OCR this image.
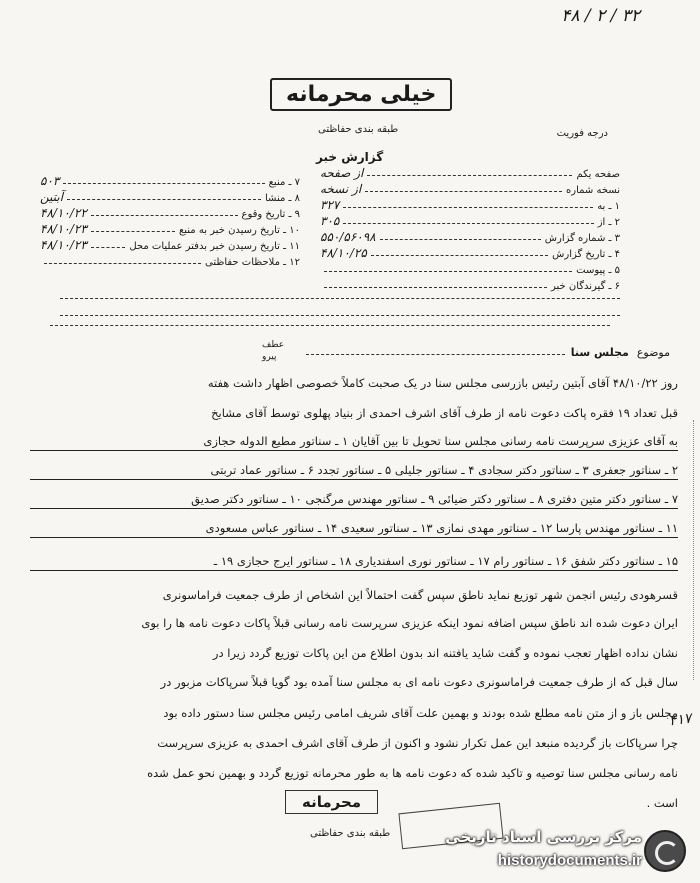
۴۸ / ۲ / ۳۲
خیلی محرمانه
طبقه بندی حفاظتی
گزارش خبر
درجه فوریت
صفحه یکم
از صفحه
نسخه شماره
از نسخه
۱ ـ به
۳۲۷
۲ ـ از
۳۰۵
۳ ـ شماره گزارش
۵۵۰/۵۶۰۹۸
۴ ـ تاریخ گزارش
۴۸/۱۰/۲۵
۵ ـ پیوست
۶ ـ گیرندگان خبر
۷ ـ منبع
۵۰۳
۸ ـ منشا
آبتین
۹ ـ تاریخ وقوع
۴۸/۱۰/۲۲
۱۰ ـ تاریخ رسیدن خبر به منبع
۴۸/۱۰/۲۳
۱۱ ـ تاریخ رسیدن خبر بدفتر عملیات محل
۴۸/۱۰/۲۳
۱۲ ـ ملاحظات حفاظتی
موضوع
مجلس سنا
عطف
پیرو
روز ۴۸/۱۰/۲۲ آقای آبتین رئیس بازرسی مجلس سنا در یک صحبت کاملاً خصوصی اظهار داشت هفته
قبل تعداد ۱۹ فقره پاکت دعوت نامه از طرف آقای اشرف احمدی از بنیاد پهلوی توسط آقای مشایخ
به آقای عزیزی سرپرست نامه رسانی مجلس سنا تحویل تا بین آقایان ۱ ـ سناتور مطیع الدوله حجازی
۲ ـ سناتور جعفری ۳ ـ سناتور دکتر سجادی ۴ ـ سناتور جلیلی ۵ ـ سناتور تجدد ۶ ـ سناتور عماد تربتی
۷ ـ سناتور دکتر متین دفتری ۸ ـ سناتور دکتر ضیائی ۹ ـ سناتور مهندس مرگنجی ۱۰ ـ سناتور دکتر صدیق
۱۱ ـ سناتور مهندس پارسا ۱۲ ـ سناتور مهدی نمازی ۱۳ ـ سناتور سعیدی ۱۴ ـ سناتور عباس مسعودی
۱۵ ـ سناتور دکتر شفق ۱۶ ـ سناتور رام ۱۷ ـ سناتور نوری اسفندیاری ۱۸ ـ سناتور ایرج حجازی ۱۹ ـ
قسرهودی رئیس انجمن شهر توزیع نماید ناطق سپس گفت احتمالاً این اشخاص از طرف جمعیت فراماسونری
ایران دعوت شده اند ناطق سپس اضافه نمود اینکه عزیزی سرپرست نامه رسانی قبلاً پاکات دعوت نامه ها را بوی
نشان نداده اظهار تعجب نموده و گفت شاید یافتنه اند بدون اطلاع من این پاکات توزیع گردد زیرا در
سال قبل که از طرف جمعیت فراماسونری دعوت نامه ای به مجلس سنا آمده بود گویا قبلاً سرپاکات مزبور در
مجلس باز و از متن نامه مطلع شده بودند و بهمین علت آقای شریف امامی رئیس مجلس سنا دستور داده بود
چرا سرپاکات باز گردیده منبعد این عمل تکرار نشود و اکنون از طرف آقای اشرف احمدی به عزیزی سرپرست
نامه رسانی مجلس سنا توصیه و تاکید شده که دعوت نامه ها به طور محرمانه توزیع گردد و بهمین نحو عمل شده
است .
۴۱۷
محرمانه
طبقه بندی حفاظتی	مرکز بررسی اسناد تاریخی
historydocuments.ir
